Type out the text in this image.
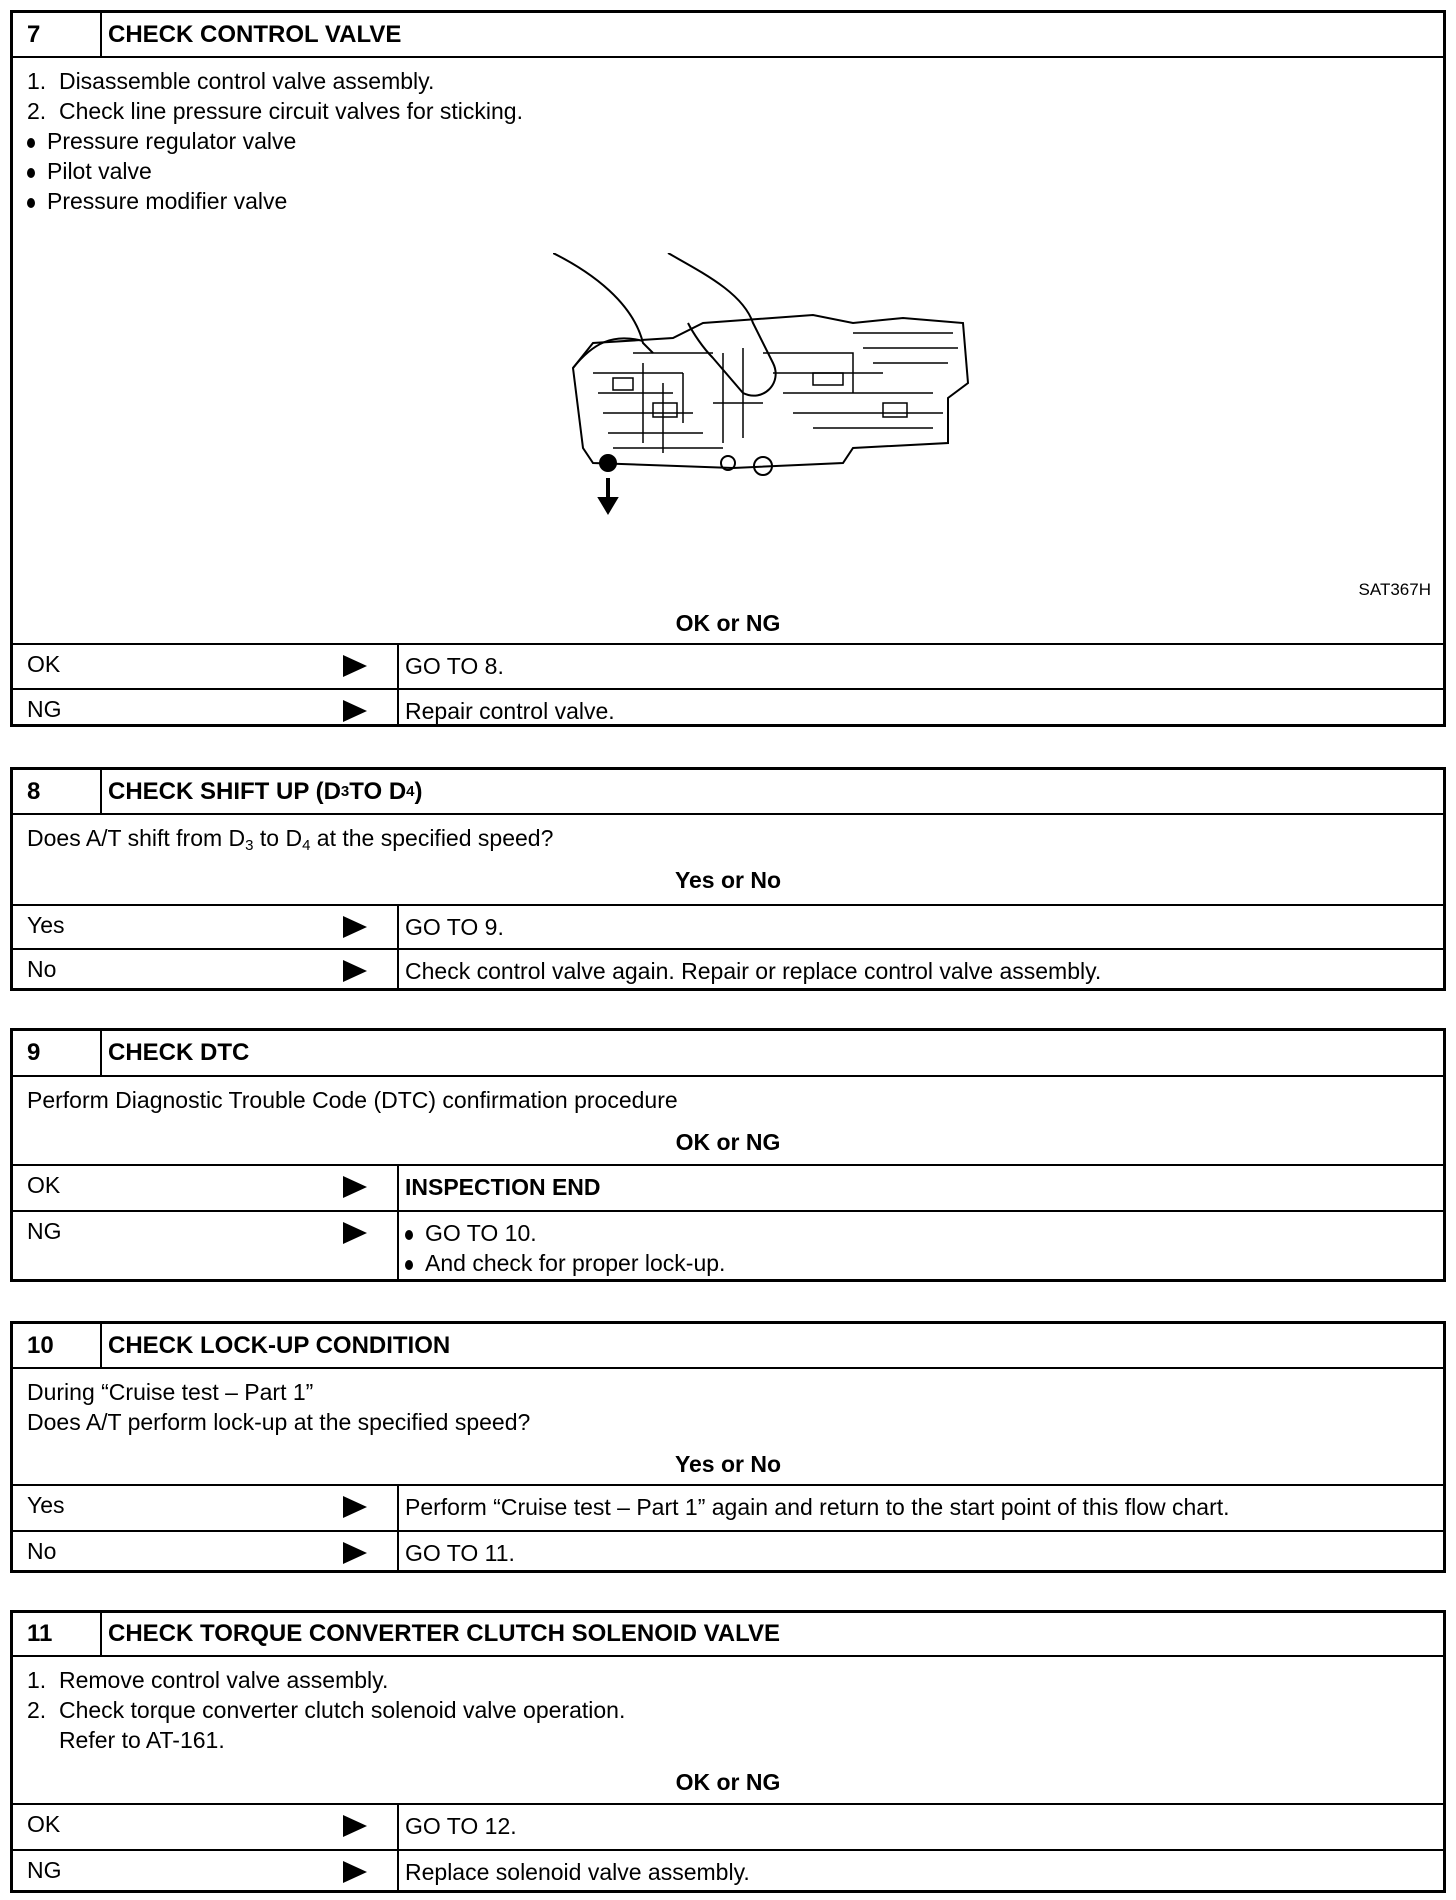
7	CHECK CONTROL VALVE
1.  Disassemble control valve assembly.
2.  Check line pressure circuit valves for sticking.
Pressure regulator valve
Pilot valve
Pressure modifier valve
SAT367H
OK or NG
OK	GO TO 8.
NG	Repair control valve.
8	CHECK SHIFT UP (D 3 TO D 4 )
Does A/T shift from $D_3$ to $D_4$ at the specified speed?
Yes or No
Yes	GO TO 9.
No	Check control valve again. Repair or replace control valve assembly.
9	CHECK DTC
Perform Diagnostic Trouble Code (DTC) confirmation procedure
OK or NG
OK	INSPECTION END
NG	GO TO 10.
And check for proper lock-up.
10	CHECK LOCK-UP CONDITION
During “Cruise test – Part 1”
Does A/T perform lock-up at the specified speed?
Yes or No
Yes	Perform “Cruise test – Part 1” again and return to the start point of this flow chart.
No	GO TO 11.
11	CHECK TORQUE CONVERTER CLUTCH SOLENOID VALVE
1.  Remove control valve assembly.
2.  Check torque converter clutch solenoid valve operation.
Refer to AT-161.
OK or NG
OK	GO TO 12.
NG	Replace solenoid valve assembly.
